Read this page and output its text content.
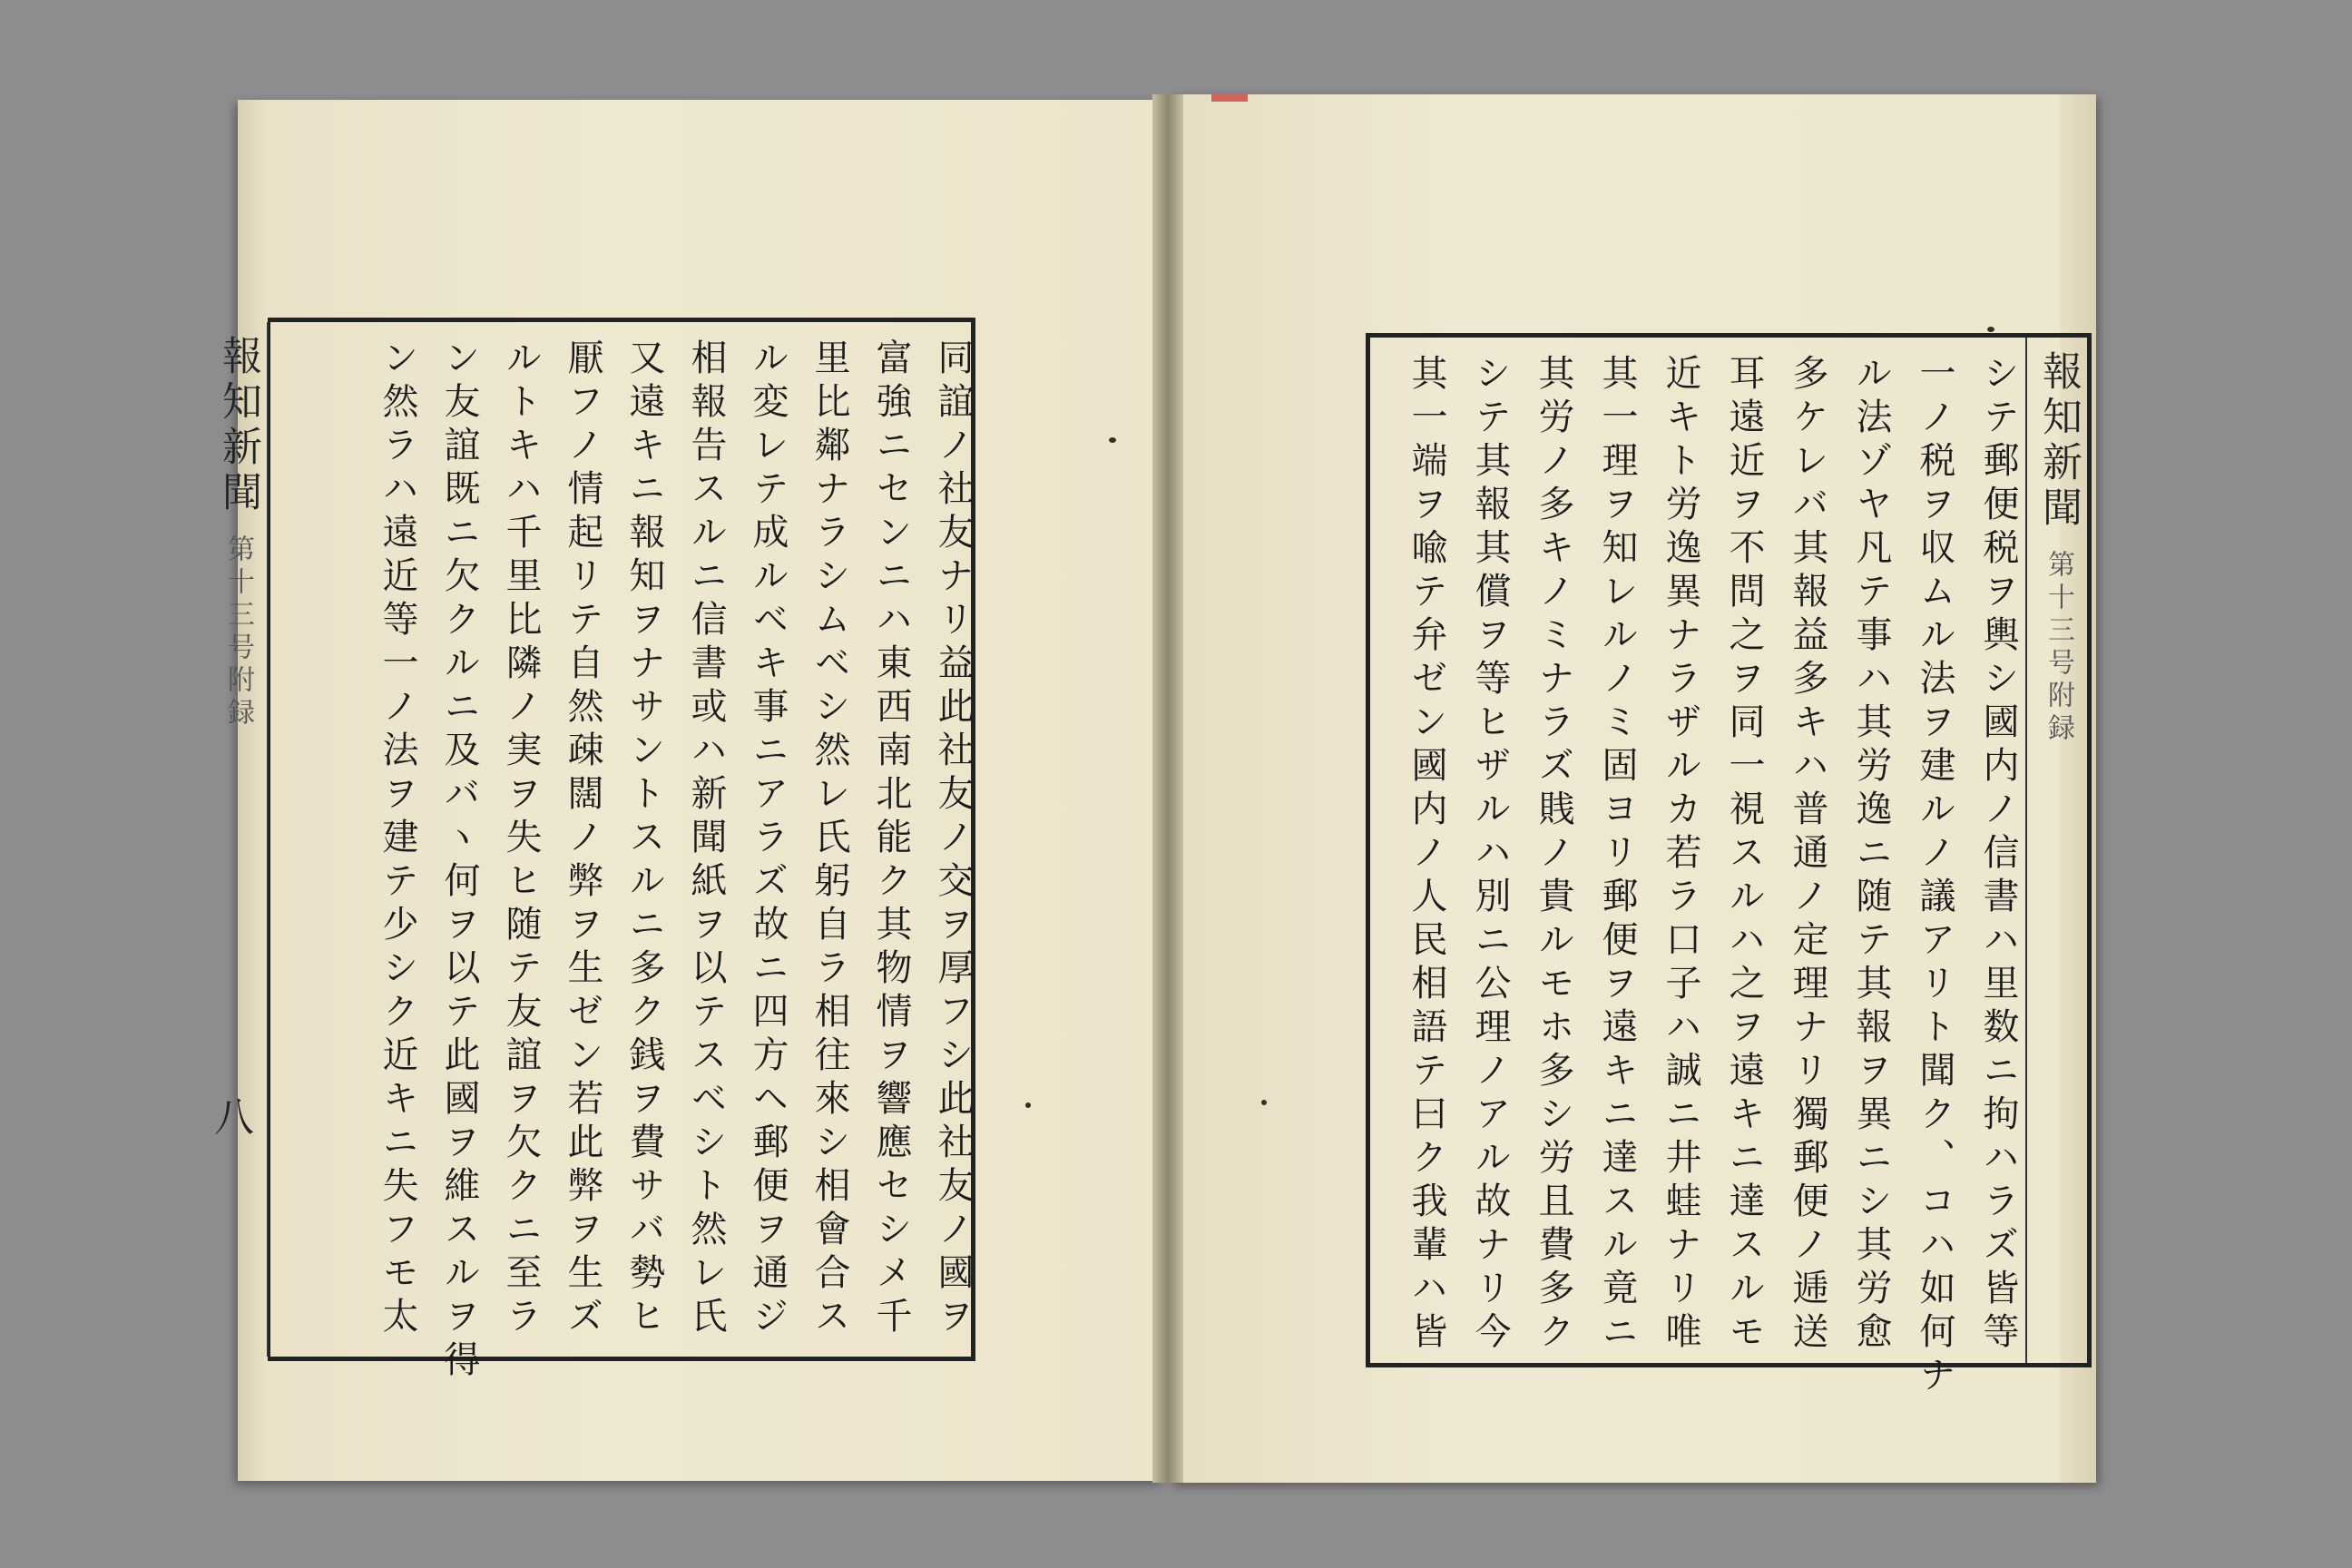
報知新聞第十三号附録	同誼ノ社友ナリ益此社友ノ交ヲ厚フシ此社友ノ國ヲ
富強ニセンニハ東西南北能ク其物情ヲ響應セシメ千
里比鄰ナラシムベシ然レ氏躬自ラ相往來シ相會合ス
ル変レテ成ルベキ事ニアラズ故ニ四方ヘ郵便ヲ通ジ
相報告スルニ信書或ハ新聞紙ヲ以テスベシト然レ氏
又遠キニ報知ヲナサントスルニ多ク銭ヲ費サバ勢ヒ
厭フノ情起リテ自然疎闊ノ弊ヲ生ゼン若此弊ヲ生ズ
ルトキハ千里比隣ノ実ヲ失ヒ随テ友誼ヲ欠クニ至ラ
ン友誼既ニ欠クルニ及バヽ何ヲ以テ此國ヲ維スルヲ得
ン然ラハ遠近等一ノ法ヲ建テ少シク近キニ失フモ太
八
報知新聞第十三号附録
シテ郵便税ヲ輿シ國内ノ信書ハ里数ニ拘ハラズ皆等
一ノ税ヲ収ムル法ヲ建ルノ議アリト聞ク、コハ如何ナ
ル法ゾヤ凡テ事ハ其労逸ニ随テ其報ヲ異ニシ其労愈
多ケレバ其報益多キハ普通ノ定理ナリ獨郵便ノ逓送
耳遠近ヲ不問之ヲ同一視スルハ之ヲ遠キニ達スルモ
近キト労逸異ナラザルカ若ラ口子ハ誠ニ井蛙ナリ唯
其一理ヲ知レルノミ固ヨリ郵便ヲ遠キニ達スル竟ニ
其労ノ多キノミナラズ賎ノ貴ルモホ多シ労且費多ク
シテ其報其償ヲ等ヒザルハ別ニ公理ノアル故ナリ今
其一端ヲ喩テ弁ゼン國内ノ人民相語テ曰ク我輩ハ皆
